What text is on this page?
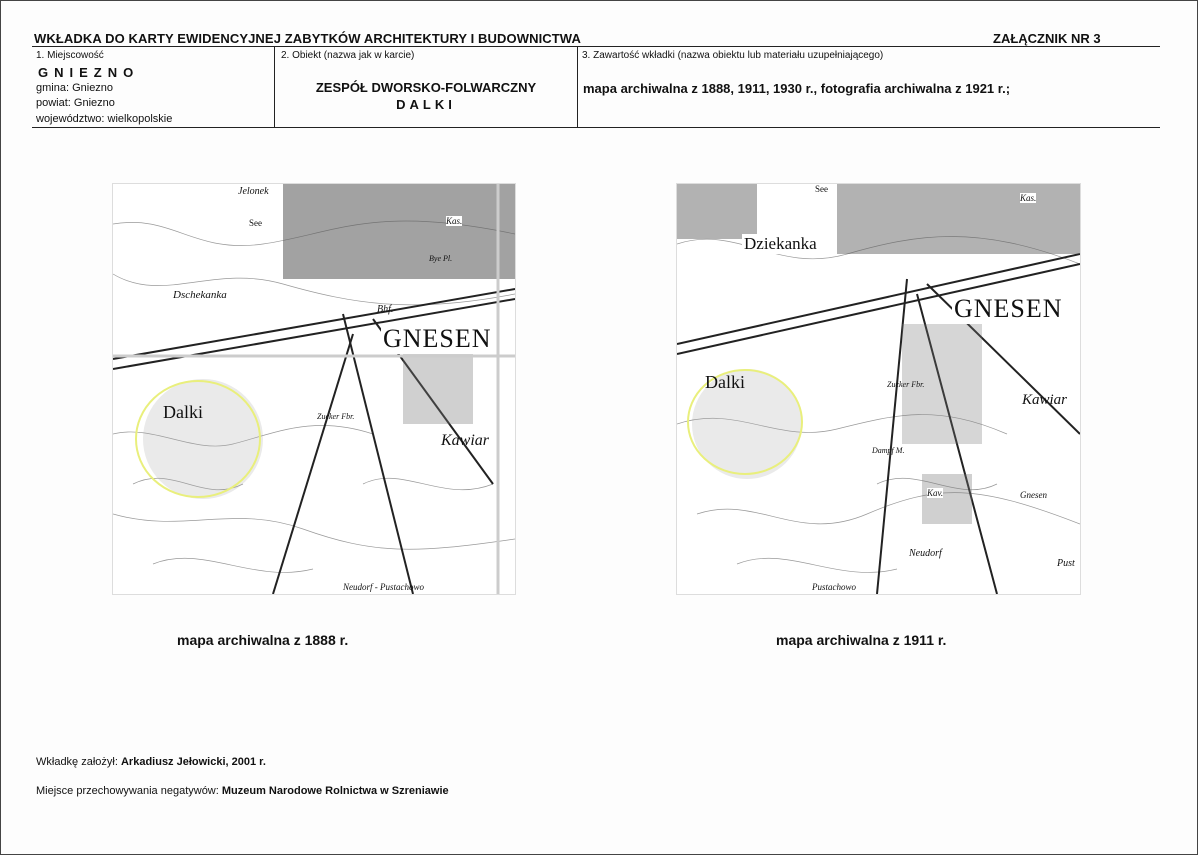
WKŁADKA DO KARTY EWIDENCYJNEJ ZABYTKÓW ARCHITEKTURY I BUDOWNICTWA	ZAŁĄCZNIK NR 3
1. Miejscowość
GNIEZNO
gmina: Gniezno
powiat: Gniezno
województwo: wielkopolskie
2. Obiekt (nazwa jak w karcie)
ZESPÓŁ DWORSKO-FOLWARCZNY
DALKI
3. Zawartość wkładki (nazwa obiektu lub materiału uzupełniającego)
mapa archiwalna z 1888, 1911, 1930 r., fotografia archiwalna z 1921 r.;
Jelonek
See	Kas.
Bye Pl.
Dschekanka
Bhf.
GNESEN
Dalki	Zucker Fbr.
Kawiar
Neudorf - Pustachowo
See
Kas.
Dziekanka
GNESEN
Dalki	Zucker Fbr.
Kawiar
Dampf M.
Kav.	Gnesen
Neudorf
Pust
Pustachowo
mapa archiwalna z 1888 r.	mapa archiwalna z 1911 r.
Wkładkę założył: Arkadiusz Jełowicki, 2001 r.
Miejsce przechowywania negatywów: Muzeum Narodowe Rolnictwa w Szreniawie
